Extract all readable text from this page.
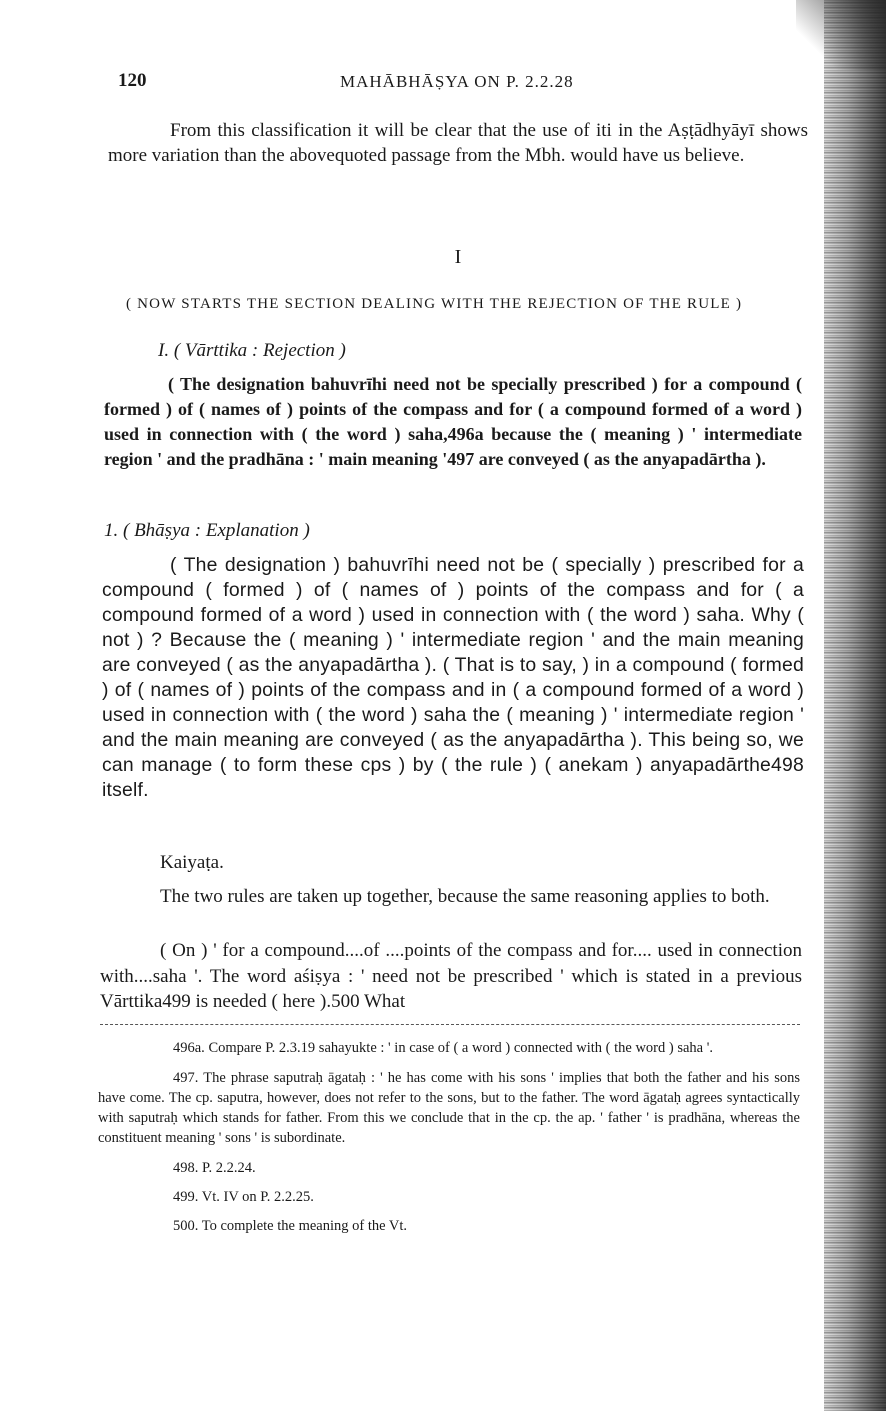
120	MAHĀBHĀṢYA ON P. 2.2.28
From this classification it will be clear that the use of iti in the Aṣṭādhyāyī shows more variation than the abovequoted passage from the Mbh. would have us believe.
I
( NOW STARTS THE SECTION DEALING WITH THE REJECTION OF THE RULE )
I. ( Vārttika : Rejection )
( The designation bahuvrīhi need not be specially prescribed ) for a compound ( formed ) of ( names of ) points of the compass and for ( a compound formed of a word ) used in connection with ( the word ) saha,496a because the ( meaning ) ' intermediate region ' and the pradhāna : ' main meaning '497 are conveyed ( as the anyapadārtha ).
1. ( Bhāṣya : Explanation )
( The designation ) bahuvrīhi need not be ( specially ) prescribed for a compound ( formed ) of ( names of ) points of the compass and for ( a compound formed of a word ) used in connection with ( the word ) saha. Why ( not ) ? Because the ( meaning ) ' intermediate region ' and the main meaning are conveyed ( as the anyapadārtha ). ( That is to say, ) in a compound ( formed ) of ( names of ) points of the compass and in ( a compound formed of a word ) used in connection with ( the word ) saha the ( meaning ) ' intermediate region ' and the main meaning are conveyed ( as the anyapadārtha ). This being so, we can manage ( to form these cps ) by ( the rule ) ( anekam ) anyapadārthe498 itself.
Kaiyaṭa.
The two rules are taken up together, because the same reasoning applies to both.
( On ) ' for a compound....of ....points of the compass and for.... used in connection with....saha '. The word aśiṣya : ' need not be prescribed ' which is stated in a previous Vārttika499 is needed ( here ).500 What

496a. Compare P. 2.3.19 sahayukte : ' in case of ( a word ) connected with ( the word ) saha '.

497. The phrase saputraḥ āgataḥ : ' he has come with his sons ' implies that both the father and his sons have come. The cp. saputra, however, does not refer to the sons, but to the father. The word āgataḥ agrees syntactically with saputraḥ which stands for father. From this we conclude that in the cp. the ap. ' father ' is pradhāna, whereas the constituent meaning ' sons ' is subordinate.

498. P. 2.2.24.

499. Vt. IV on P. 2.2.25.

500. To complete the meaning of the Vt.
